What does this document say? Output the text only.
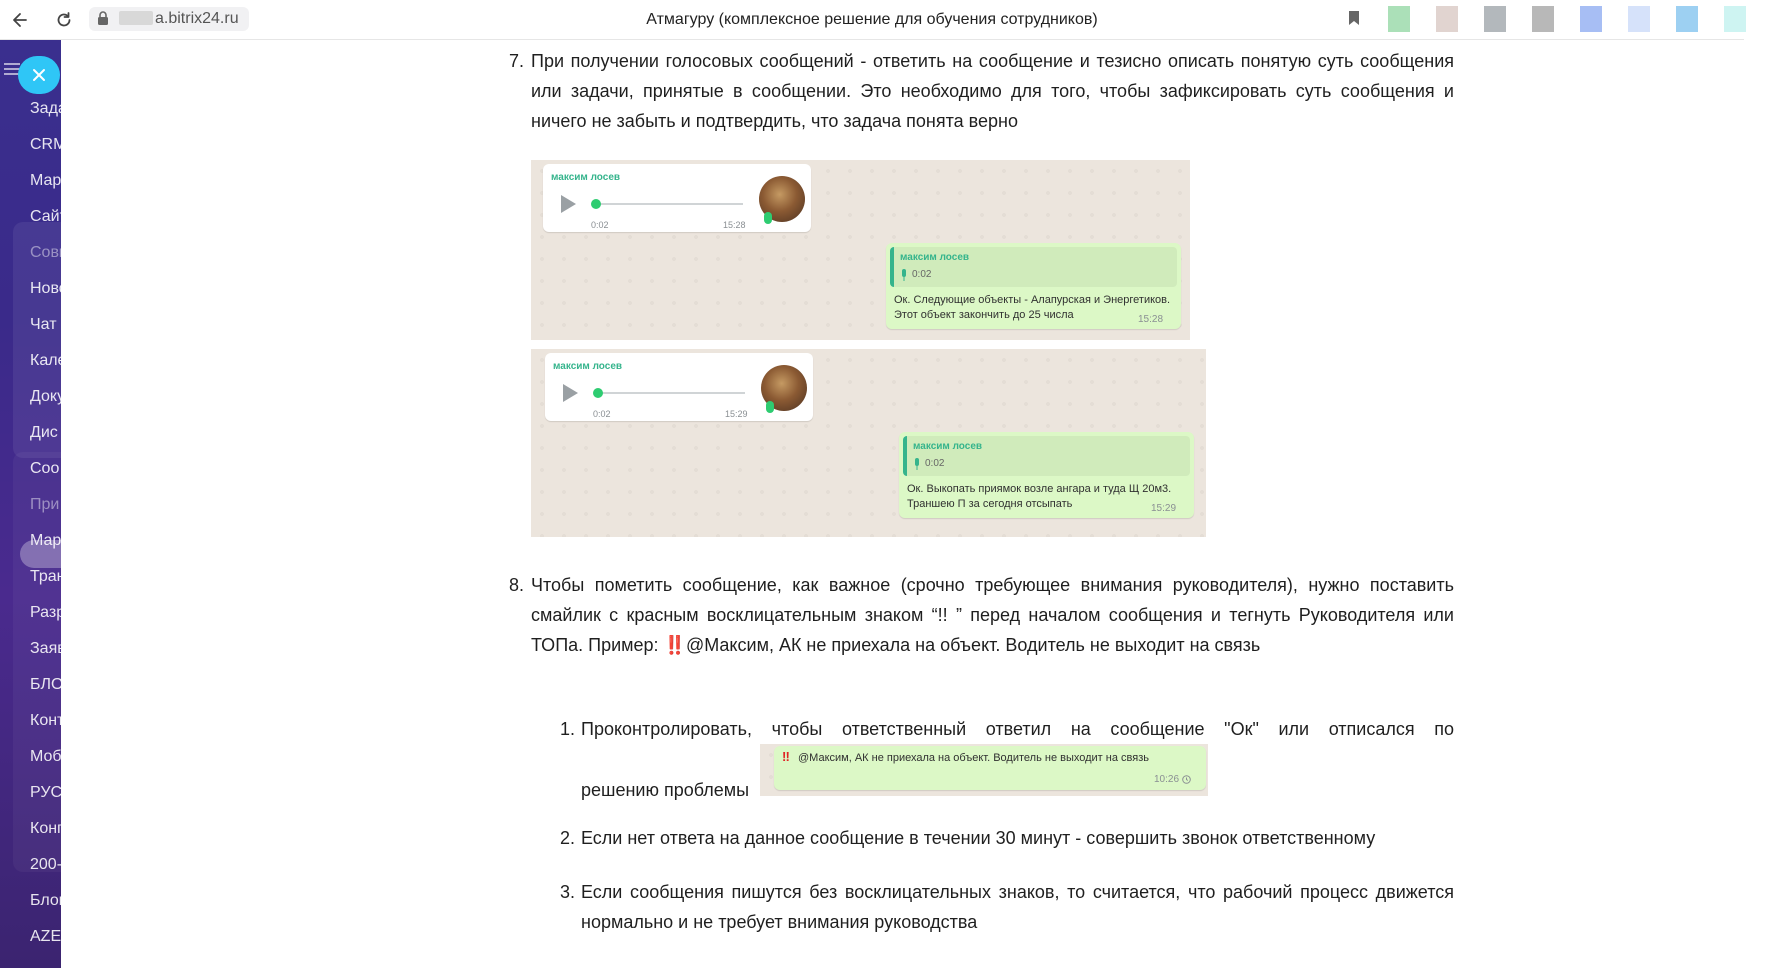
a.bitrix24.ru	Атмагуру (комплексное решение для обучения сотрудников)
Зада
CRM
Мар
Сайт
Совм
Ново
Чат
Кале
Доку
Дис
Coo
При
Мар
Тран
Разр
Заяв
БЛО
Конт
Моб
РУС
Конг
200-
Блок
AZE
7. При получении голосовых сообщений - ответить на сообщение и тезисно описать понятую суть сообщения или задачи, принятые в сообщении. Это необходимо для того, чтобы зафиксировать суть сообщения и ничего не забыть и подтвердить, что задача понята верно
максим лосев
0:02	15:28
максим лосев
0:02
Ок. Следующие объекты - Алапурская и Энергетиков.
Этот объект закончить до 25 числа	15:28
максим лосев
0:02	15:29
максим лосев
0:02
Ок. Выкопать приямок возле ангара и туда Щ 20м3.
Траншею П за сегодня отсыпать	15:29
8. Чтобы пометить сообщение, как важное (срочно требующее внимания руководителя), нужно поставить смайлик с красным восклицательным знаком “!! ” перед началом сообщения и тегнуть Руководителя или ТОПа. Пример: ‼️@Максим, АК не приехала на объект. Водитель не выходит на связь
1. Проконтролировать, чтобы ответственный ответил на сообщение "Ок" или отписался по
решению проблемы
‼ @Максим, АК не приехала на объект. Водитель не выходит на связь
10:26
2. Если нет ответа на данное сообщение в течении 30 минут - совершить звонок ответственному
3. Если сообщения пишутся без восклицательных знаков, то считается, что рабочий процесс движется нормально и не требует внимания руководства
